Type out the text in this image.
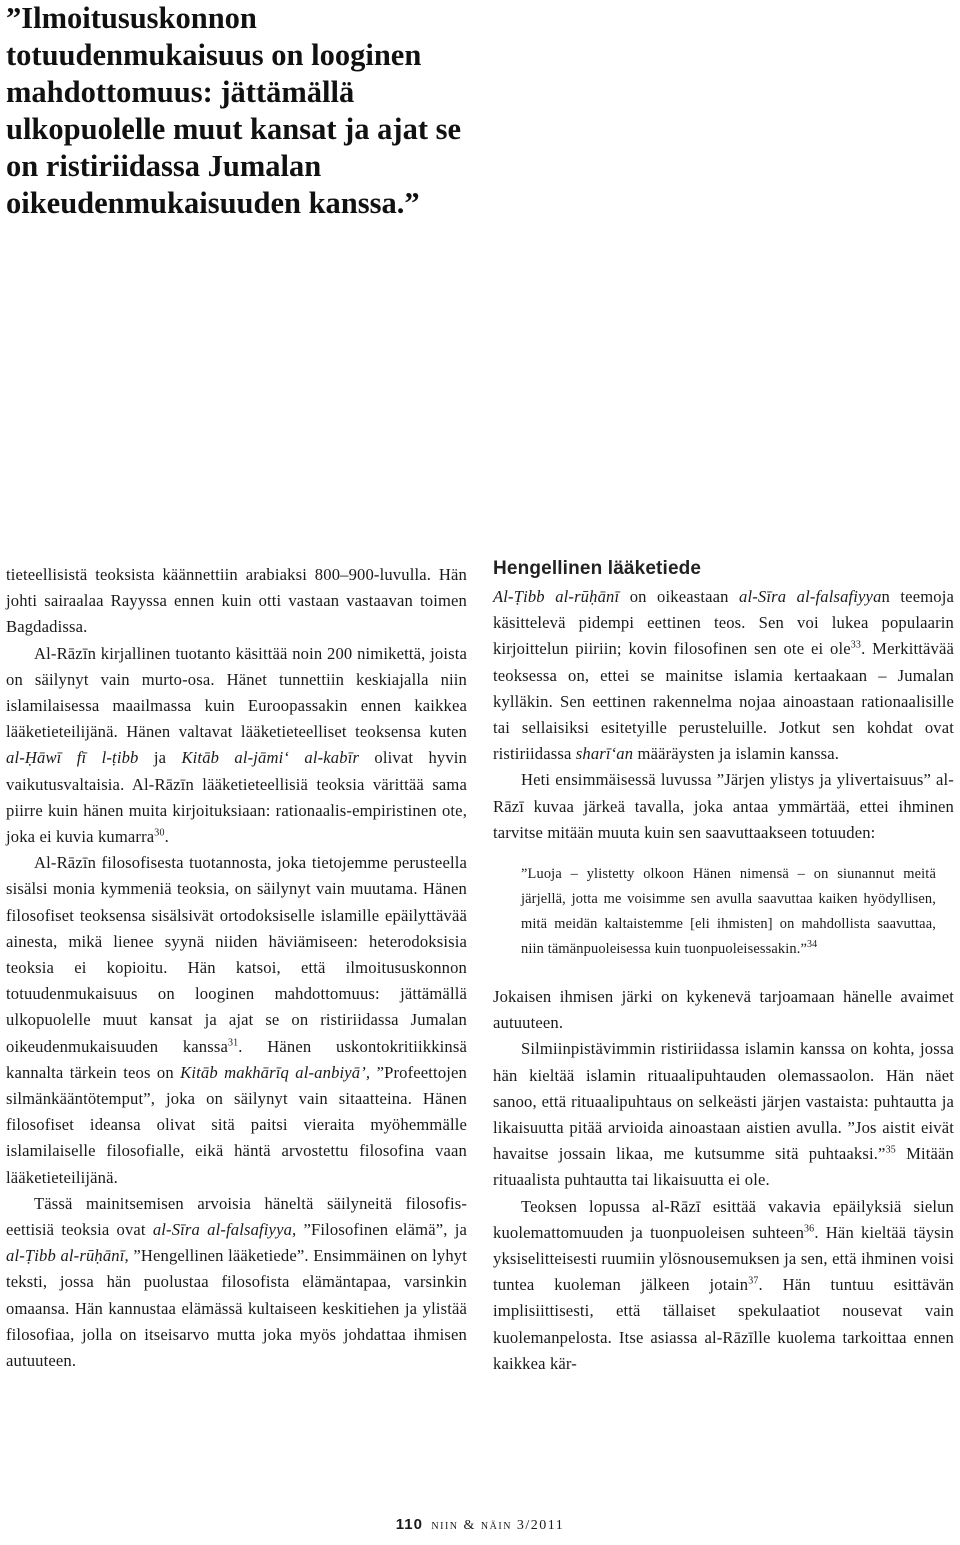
”Ilmoitususkonnon totuudenmukaisuus on looginen mahdottomuus: jättämällä ulkopuolelle muut kansat ja ajat se on ristiriidassa Jumalan oikeudenmukaisuuden kanssa.”

tieteellisistä teoksista käännettiin arabiaksi 800–900-luvulla. Hän johti sairaalaa Rayyssa ennen kuin otti vastaan vastaavan toimen Bagdadissa.

Al-Rāzīn kirjallinen tuotanto käsittää noin 200 nimikettä, joista on säilynyt vain murto-osa. Hänet tunnettiin keskiajalla niin islamilaisessa maailmassa kuin Euroopassakin ennen kaikkea lääketieteilijänä. Hänen valtavat lääketieteelliset teoksensa kuten al-Ḥāwī fī l-ṭibb ja Kitāb al-jāmi‘ al-kabīr olivat hyvin vaikutusvaltaisia. Al-Rāzīn lääketieteellisiä teoksia värittää sama piirre kuin hänen muita kirjoituksiaan: rationaalis-empiristinen ote, joka ei kuvia kumarra$^{30}$.

Al-Rāzīn filosofisesta tuotannosta, joka tietojemme perusteella sisälsi monia kymmeniä teoksia, on säilynyt vain muutama. Hänen filosofiset teoksensa sisälsivät ortodoksiselle islamille epäilyttävää ainesta, mikä lienee syynä niiden häviämiseen: heterodoksisia teoksia ei kopioitu. Hän katsoi, että ilmoitususkonnon totuudenmukaisuus on looginen mahdottomuus: jättämällä ulkopuolelle muut kansat ja ajat se on ristiriidassa Jumalan oikeudenmukaisuuden kanssa$^{31}$. Hänen uskontokritiikkinsä kannalta tärkein teos on Kitāb makhārīq al-anbiyā’, ”Profeettojen silmänkääntötemput”, joka on säilynyt vain sitaatteina. Hänen filosofiset ideansa olivat sitä paitsi vieraita myöhemmälle islamilaiselle filosofialle, eikä häntä arvostettu filosofina vaan lääketieteilijänä.

Tässä mainitsemisen arvoisia häneltä säilyneitä filosofis-eettisiä teoksia ovat al-Sīra al-falsafiyya, ”Filosofinen elämä”, ja al-Ṭibb al-rūḥānī, ”Hengellinen lääketiede”. Ensimmäinen on lyhyt teksti, jossa hän puolustaa filosofista elämäntapaa, varsinkin omaansa. Hän kannustaa elämässä kultaiseen keskitiehen ja ylistää filosofiaa, jolla on itseisarvo mutta joka myös johdattaa ihmisen autuuteen.

Hengellinen lääketiede

Al-Ṭibb al-rūḥānī on oikeastaan al-Sīra al-falsafiyyan teemoja käsittelevä pidempi eettinen teos. Sen voi lukea populaarin kirjoittelun piiriin; kovin filosofinen sen ote ei ole$^{33}$. Merkittävää teoksessa on, ettei se mainitse islamia kertaakaan – Jumalan kylläkin. Sen eettinen rakennelma nojaa ainoastaan rationaalisille tai sellaisiksi esitetyille perusteluille. Jotkut sen kohdat ovat ristiriidassa sharī‘an määräysten ja islamin kanssa.

Heti ensimmäisessä luvussa ”Järjen ylistys ja ylivertaisuus” al-Rāzī kuvaa järkeä tavalla, joka antaa ymmärtää, ettei ihminen tarvitse mitään muuta kuin sen saavuttaakseen totuuden:

”Luoja – ylistetty olkoon Hänen nimensä – on siunannut meitä järjellä, jotta me voisimme sen avulla saavuttaa kaiken hyödyllisen, mitä meidän kaltaistemme [eli ihmisten] on mahdollista saavuttaa, niin tämänpuoleisessa kuin tuonpuoleisessakin.”$^{34}$

Jokaisen ihmisen järki on kykenevä tarjoamaan hänelle avaimet autuuteen.

Silmiinpistävimmin ristiriidassa islamin kanssa on kohta, jossa hän kieltää islamin rituaalipuhtauden olemassaolon. Hän näet sanoo, että rituaalipuhtaus on selkeästi järjen vastaista: puhtautta ja likaisuutta pitää arvioida ainoastaan aistien avulla. ”Jos aistit eivät havaitse jossain likaa, me kutsumme sitä puhtaaksi.”$^{35}$ Mitään rituaalista puhtautta tai likaisuutta ei ole.

Teoksen lopussa al-Rāzī esittää vakavia epäilyksiä sielun kuolemattomuuden ja tuonpuoleisen suhteen$^{36}$. Hän kieltää täysin yksiselitteisesti ruumiin ylösnousemuksen ja sen, että ihminen voisi tuntea kuoleman jälkeen jotain$^{37}$. Hän tuntuu esittävän implisiittisesti, että tällaiset spekulaatiot nousevat vain kuolemanpelosta. Itse asiassa al-Rāzīlle kuolema tarkoittaa ennen kaikkea kär-

110 niin & näin 3/2011
